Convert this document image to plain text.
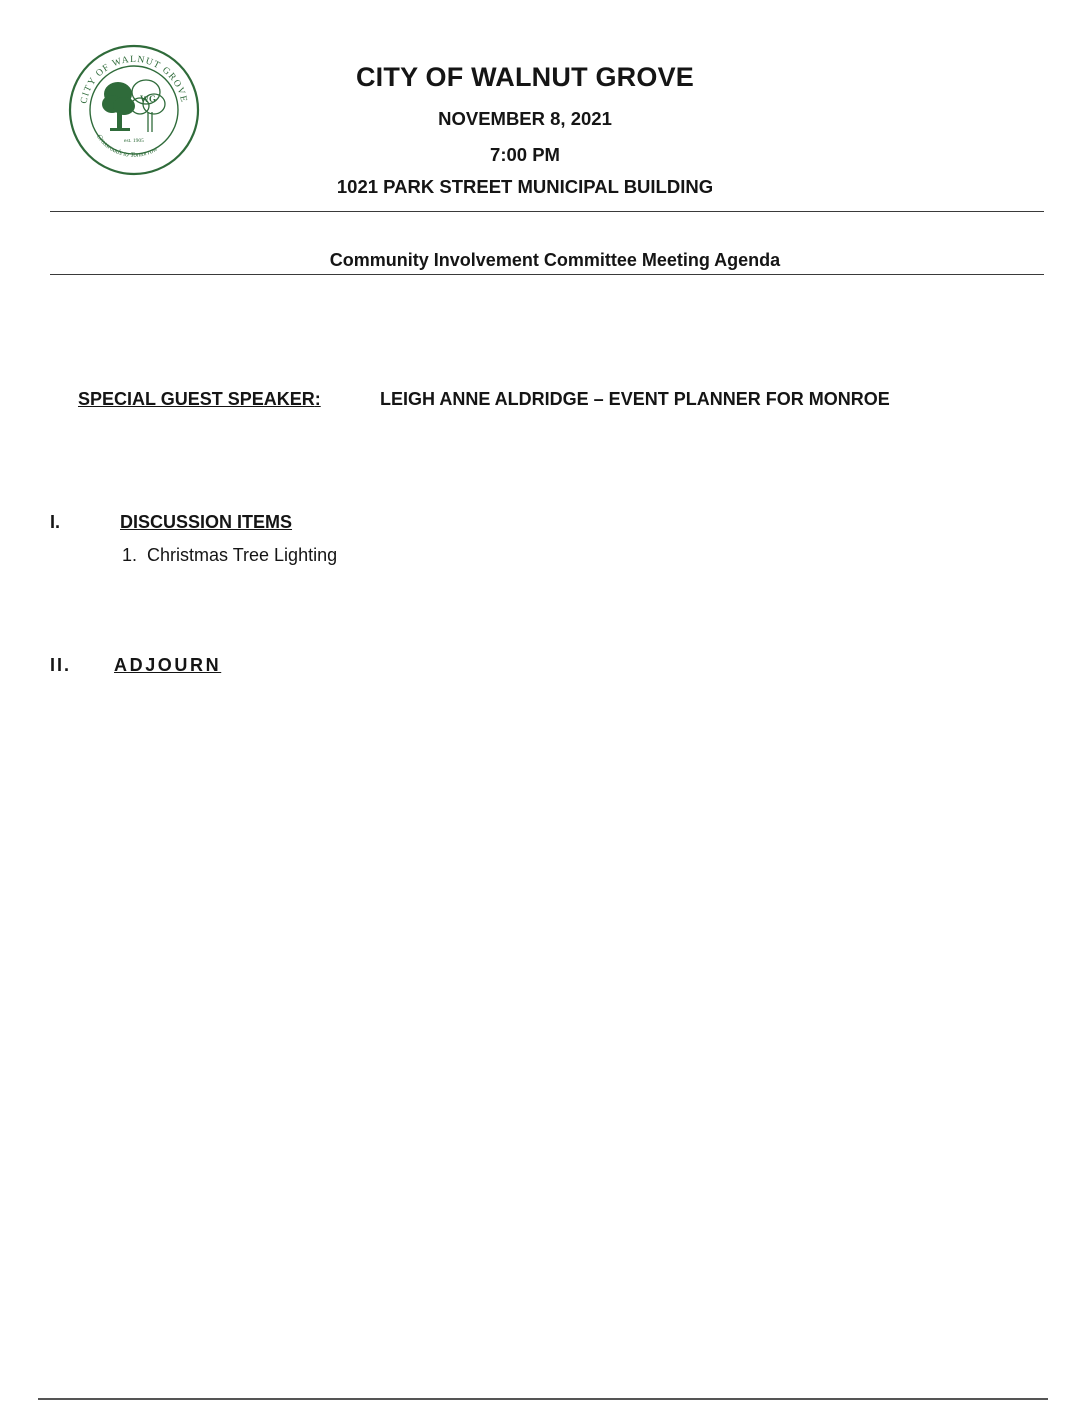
WG
est. 1905
CITY OF WALNUT GROVE
Crossroads to Tomorrow
CITY OF WALNUT GROVE
NOVEMBER 8, 2021
7:00 PM
1021 PARK STREET MUNICIPAL BUILDING
Community Involvement Committee Meeting Agenda
SPECIAL GUEST SPEAKER:	LEIGH ANNE ALDRIDGE – EVENT PLANNER FOR MONROE
I.	DISCUSSION ITEMS
1.  Christmas Tree Lighting
II. ADJOURN
